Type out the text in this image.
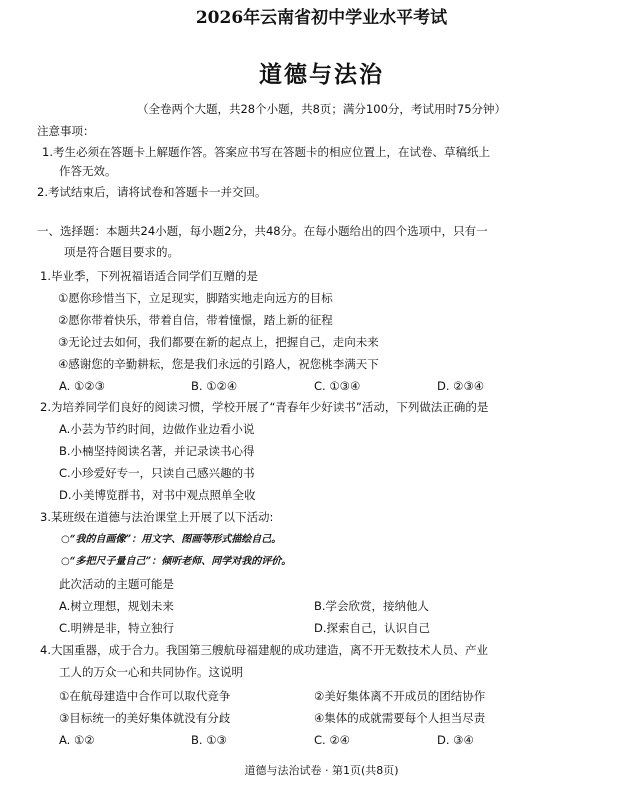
2026年云南省初中学业水平考试
道德与法治
（全卷两个大题，共28个小题，共8页；满分100分，考试用时75分钟）
注意事项：
1.考生必须在答题卡上解题作答。答案应书写在答题卡的相应位置上，在试卷、草稿纸上
作答无效。
2.考试结束后，请将试卷和答题卡一并交回。
一、选择题：本题共24小题，每小题2分，共48分。在每小题给出的四个选项中，只有一
项是符合题目要求的。
1.毕业季，下列祝福语适合同学们互赠的是
①愿你珍惜当下，立足现实，脚踏实地走向远方的目标
②愿你带着快乐，带着自信，带着憧憬，踏上新的征程
③无论过去如何，我们都要在新的起点上，把握自己，走向未来
④感谢您的辛勤耕耘，您是我们永远的引路人，祝您桃李满天下
A. ①②③	B. ①②④	C. ①③④	D. ②③④
2.为培养同学们良好的阅读习惯，学校开展了“青春年少好读书”活动，下列做法正确的是
A.小芸为节约时间，边做作业边看小说
B.小楠坚持阅读名著，并记录读书心得
C.小珍爱好专一，只读自己感兴趣的书
D.小美博览群书，对书中观点照单全收
3.某班级在道德与法治课堂上开展了以下活动:
○“我的自画像”：用文字、图画等形式描绘自己。
○“多把尺子量自己”：倾听老师、同学对我的评价。
此次活动的主题可能是
A.树立理想，规划未来	B.学会欣赏，接纳他人
C.明辨是非，特立独行	D.探索自己，认识自己
4.大国重器，成于合力。我国第三艘航母福建舰的成功建造，离不开无数技术人员、产业
工人的万众一心和共同协作。这说明
①在航母建造中合作可以取代竞争	②美好集体离不开成员的团结协作
③目标统一的美好集体就没有分歧	④集体的成就需要每个人担当尽责
A. ①②	B. ①③	C. ②④	D. ③④
道德与法治试卷 · 第1页(共8页)
